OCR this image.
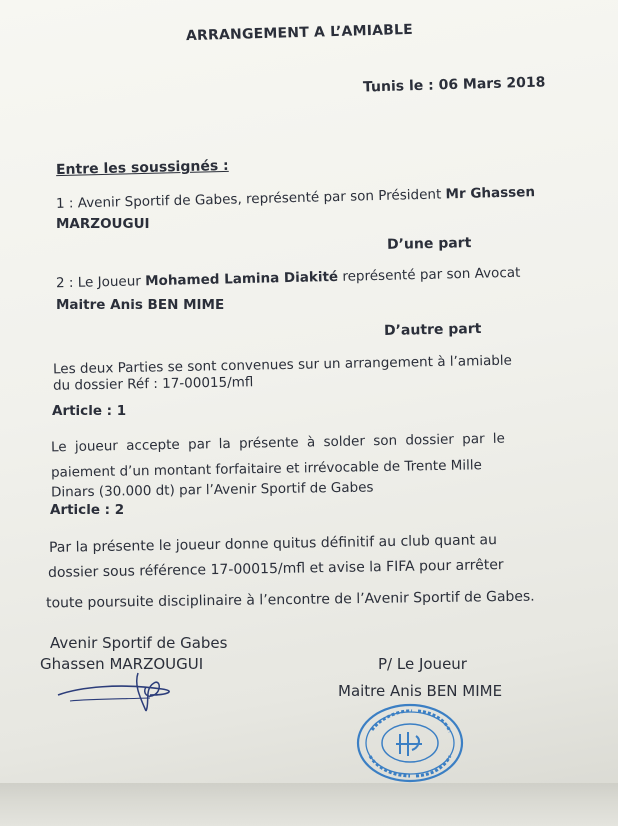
ARRANGEMENT A L’AMIABLE
Tunis le : 06 Mars 2018
Entre les soussignés :
1 : Avenir Sportif de Gabes, représenté par son Président Mr Ghassen
MARZOUGUI
D’une part
2 : Le Joueur Mohamed Lamina Diakité représenté par son Avocat
Maitre Anis BEN MIME
D’autre part
Les deux Parties se sont convenues sur un arrangement à l’amiable
du dossier Réf : 17-00015/mfl
Article : 1
Le joueur accepte par la présente à solder son dossier par le
paiement d’un montant forfaitaire et irrévocable de Trente Mille
Dinars (30.000 dt) par l’Avenir Sportif de Gabes
Article : 2
Par la présente le joueur donne quitus définitif au club quant au
dossier sous référence 17-00015/mfl et avise la FIFA pour arrêter
toute poursuite disciplinaire à l’encontre de l’Avenir Sportif de Gabes.
Avenir Sportif de Gabes
Ghassen MARZOUGUI	P/ Le Joueur
Maitre Anis BEN MIME
